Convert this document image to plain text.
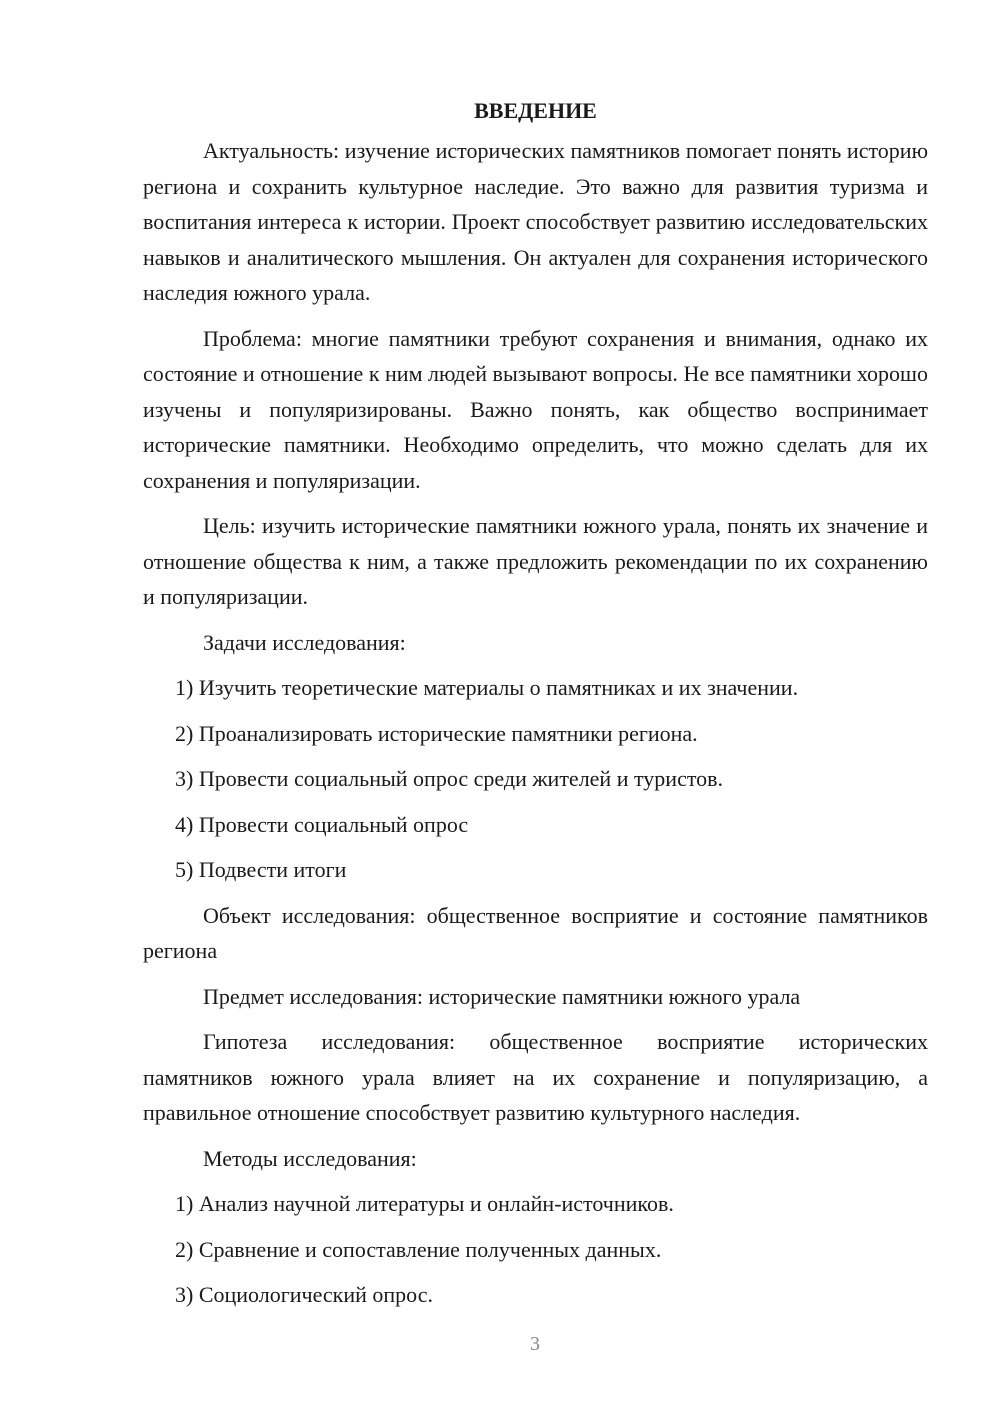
ВВЕДЕНИЕ

Актуальность: изучение исторических памятников помогает понять историю региона и сохранить культурное наследие. Это важно для развития туризма и воспитания интереса к истории. Проект способствует развитию исследовательских навыков и аналитического мышления. Он актуален для сохранения исторического наследия южного урала.

Проблема: многие памятники требуют сохранения и внимания, однако их состояние и отношение к ним людей вызывают вопросы. Не все памятники хорошо изучены и популяризированы. Важно понять, как общество воспринимает исторические памятники. Необходимо определить, что можно сделать для их сохранения и популяризации.

Цель: изучить исторические памятники южного урала, понять их значение и отношение общества к ним, а также предложить рекомендации по их сохранению и популяризации.

Задачи исследования:

1) Изучить теоретические материалы о памятниках и их значении.

2) Проанализировать исторические памятники региона.

3) Провести социальный опрос среди жителей и туристов.

4) Провести социальный опрос

5) Подвести итоги

Объект исследования: общественное восприятие и состояние памятников региона

Предмет исследования: исторические памятники южного урала

Гипотеза исследования: общественное восприятие исторических памятников южного урала влияет на их сохранение и популяризацию, а правильное отношение способствует развитию культурного наследия.

Методы исследования:

1) Анализ научной литературы и онлайн-источников.

2) Сравнение и сопоставление полученных данных.

3) Социологический опрос.

3
